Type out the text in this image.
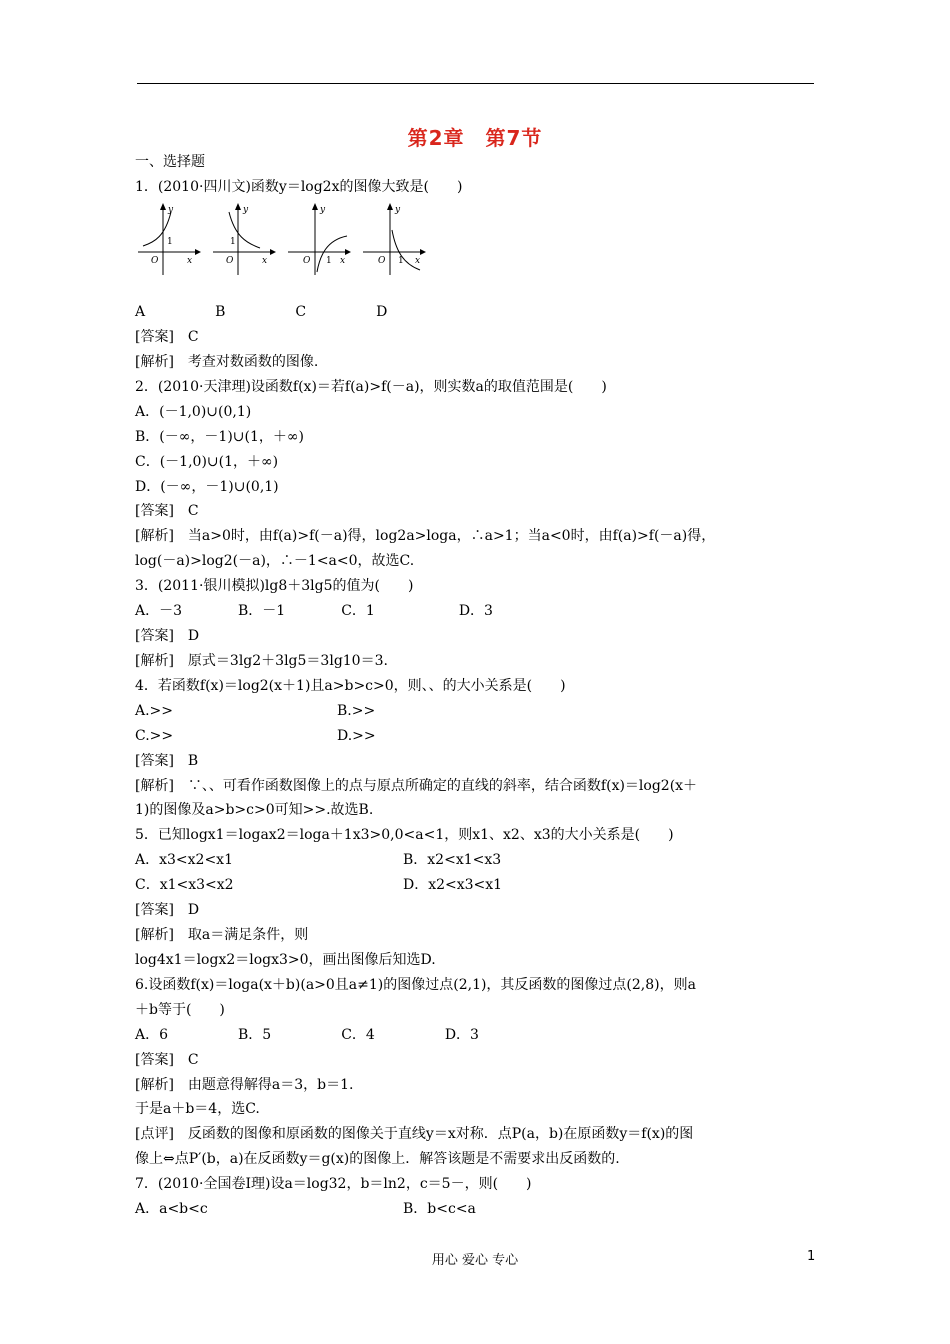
第2章　第7节
一、选择题
1．(2010·四川文)函数y＝log2x的图像大致是(　　)
y
1
O	x
y
1
O	x
y
1
O	x
y
1
O	x
A　　　　　B　　　　　C　　　　　D
[答案]　C
[解析]　考查对数函数的图像.
2．(2010·天津理)设函数f(x)＝若f(a)>f(－a)，则实数a的取值范围是(　　)
A．(－1,0)∪(0,1)
B．(－∞，－1)∪(1，＋∞)
C．(－1,0)∪(1，＋∞)
D．(－∞，－1)∪(0,1)
[答案]　C
[解析]　当a>0时，由f(a)>f(－a)得，log2a>loga，∴a>1；当a<0时，由f(a)>f(－a)得，
log(－a)>log2(－a)，∴－1<a<0，故选C.
3．(2011·银川模拟)lg8＋3lg5的值为(　　)
A．－3　　　　B．－1　　　　C．1　　　　　　D．3
[答案]　D
[解析]　原式＝3lg2＋3lg5＝3lg10＝3.
4．若函数f(x)＝log2(x＋1)且a>b>c>0，则、、的大小关系是(　　)
A.>>	B.>>
C.>>	D.>>
[答案]　B
[解析]　∵、、可看作函数图像上的点与原点所确定的直线的斜率，结合函数f(x)＝log2(x＋
1)的图像及a>b>c>0可知>>.故选B.
5．已知logx1＝logax2＝loga＋1x3>0,0<a<1，则x1、x2、x3的大小关系是(　　)
A．x3<x2<x1	B．x2<x1<x3
C．x1<x3<x2	D．x2<x3<x1
[答案]　D
[解析]　取a＝满足条件，则
log4x1＝logx2＝logx3>0，画出图像后知选D.
6.设函数f(x)＝loga(x＋b)(a>0且a≠1)的图像过点(2,1)，其反函数的图像过点(2,8)，则a
＋b等于(　　)
A．6　　　　　B．5　　　　　C．4　　　　　D．3
[答案]　C
[解析]　由题意得解得a＝3，b＝1.
于是a＋b＝4，选C.
[点评]　反函数的图像和原函数的图像关于直线y＝x对称．点P(a，b)在原函数y＝f(x)的图
像上⇔点P′(b，a)在反函数y＝g(x)的图像上．解答该题是不需要求出反函数的.
7．(2010·全国卷Ⅰ理)设a＝log32，b＝ln2，c＝5－，则(　　)
A．a<b<c	B．b<c<a
用心 爱心 专心	1
